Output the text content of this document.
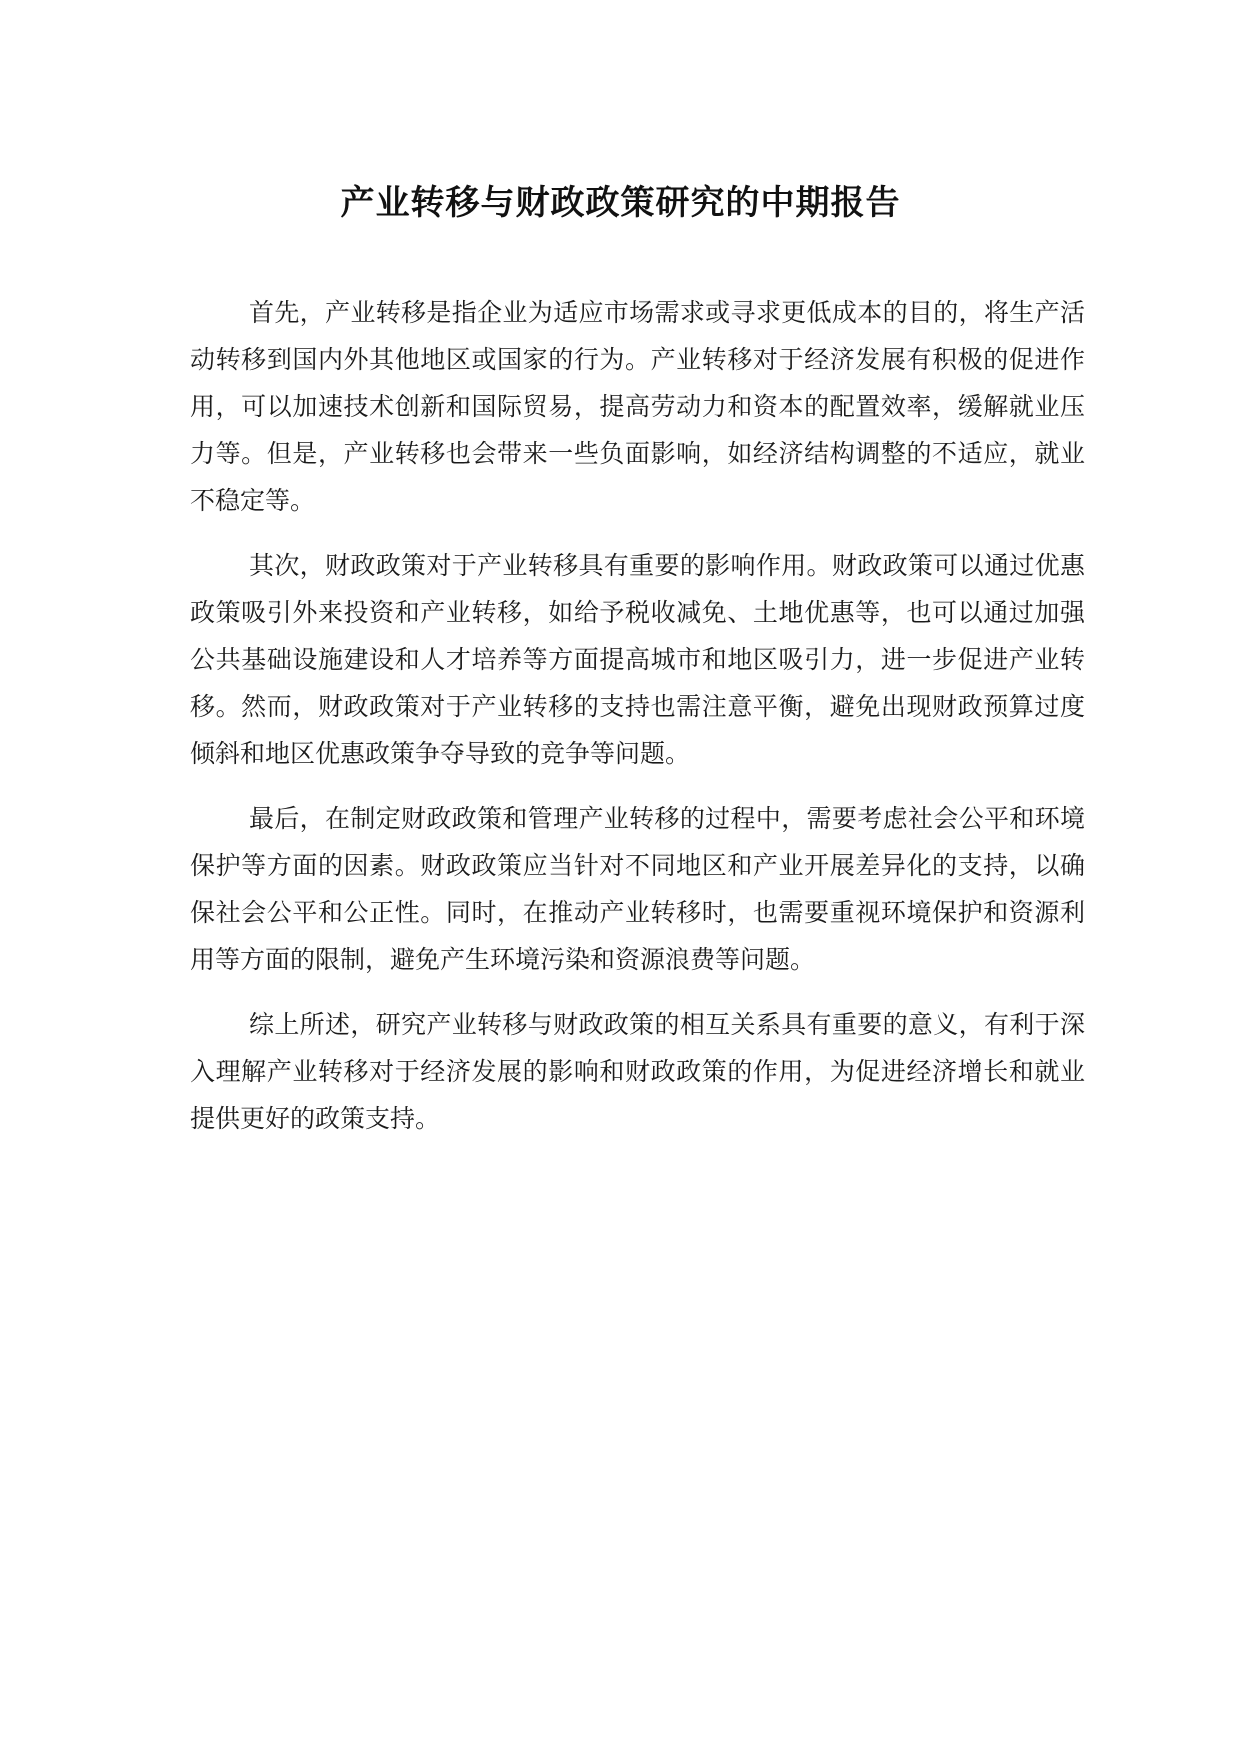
产业转移与财政政策研究的中期报告

首先，产业转移是指企业为适应市场需求或寻求更低成本的目的，将生产活动转移到国内外其他地区或国家的行为。产业转移对于经济发展有积极的促进作用，可以加速技术创新和国际贸易，提高劳动力和资本的配置效率，缓解就业压力等。但是，产业转移也会带来一些负面影响，如经济结构调整的不适应，就业不稳定等。

其次，财政政策对于产业转移具有重要的影响作用。财政政策可以通过优惠政策吸引外来投资和产业转移，如给予税收减免、土地优惠等，也可以通过加强公共基础设施建设和人才培养等方面提高城市和地区吸引力，进一步促进产业转移。然而，财政政策对于产业转移的支持也需注意平衡，避免出现财政预算过度倾斜和地区优惠政策争夺导致的竞争等问题。

最后，在制定财政政策和管理产业转移的过程中，需要考虑社会公平和环境保护等方面的因素。财政政策应当针对不同地区和产业开展差异化的支持，以确保社会公平和公正性。同时，在推动产业转移时，也需要重视环境保护和资源利用等方面的限制，避免产生环境污染和资源浪费等问题。

综上所述，研究产业转移与财政政策的相互关系具有重要的意义，有利于深入理解产业转移对于经济发展的影响和财政政策的作用，为促进经济增长和就业提供更好的政策支持。
